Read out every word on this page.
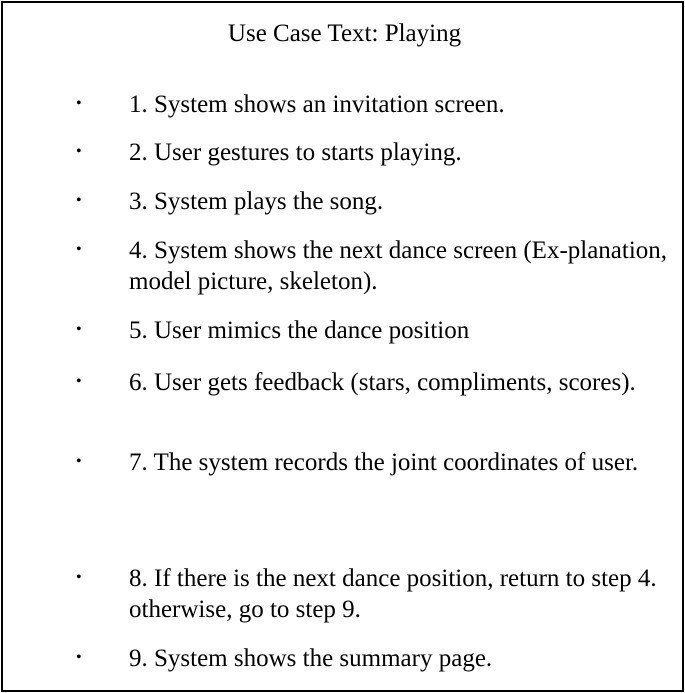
Use Case Text: Playing
• 1. System shows an invitation screen.
• 2. User gestures to starts playing.
• 3. System plays the song.
• 4. System shows the next dance screen (Ex-planation, model picture, skeleton).
• 5. User mimics the dance position
• 6. User gets feedback (stars, compliments, scores).
• 7. The system records the joint coordinates of user.
• 8. If there is the next dance position, return to step 4. otherwise, go to step 9.
• 9. System shows the summary page.
